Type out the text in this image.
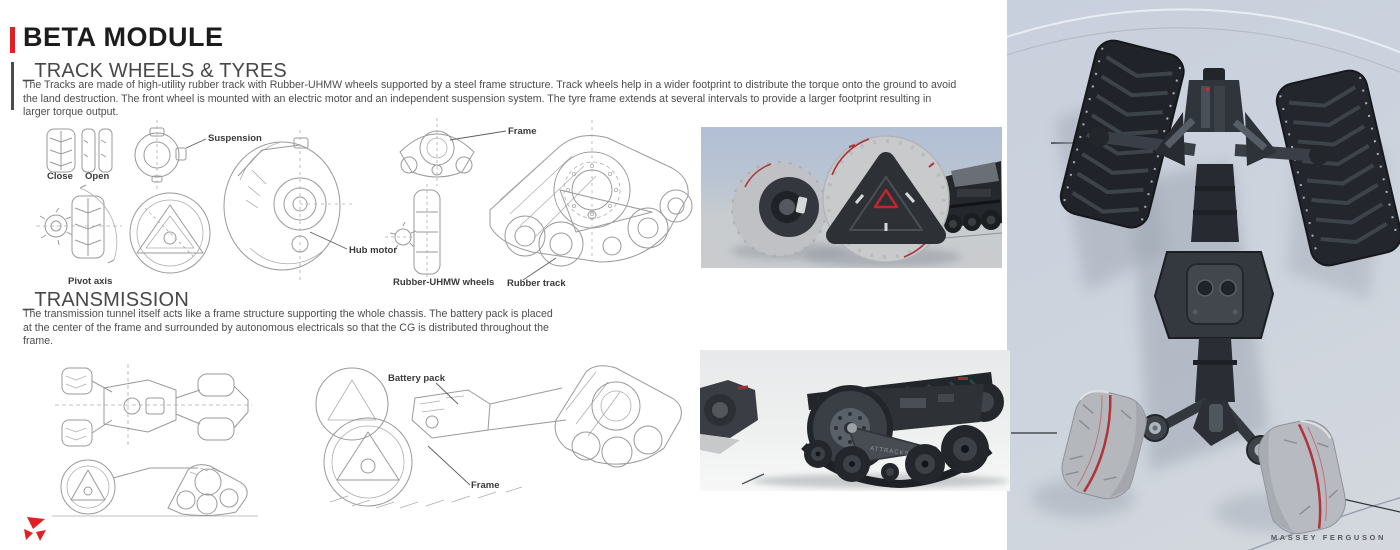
BETA MODULE
_TRACK WHEELS & TYRES

The Tracks are made of high-utility rubber track with Rubber-UHMW wheels supported by a steel frame structure. Track wheels help in a wider footprint to distribute the torque onto the ground to avoid the land destruction. The front wheel is mounted with an electric motor and an independent suspension system. The tyre frame extends at several intervals to provide a larger footprint resulting in larger torque output.

_TRANSMISSION

The transmission tunnel itself acts like a frame structure supporting the whole chassis. The battery pack is placed at the center of the frame and surrounded by autonomous electricals so that the CG is distributed throughout the frame.

Close Open
Suspension
Pivot axis
Hub motor
Frame
Rubber-UHMW wheels Rubber track
Battery pack
Frame
MASSEY FERGUSON
ATTRACKS
